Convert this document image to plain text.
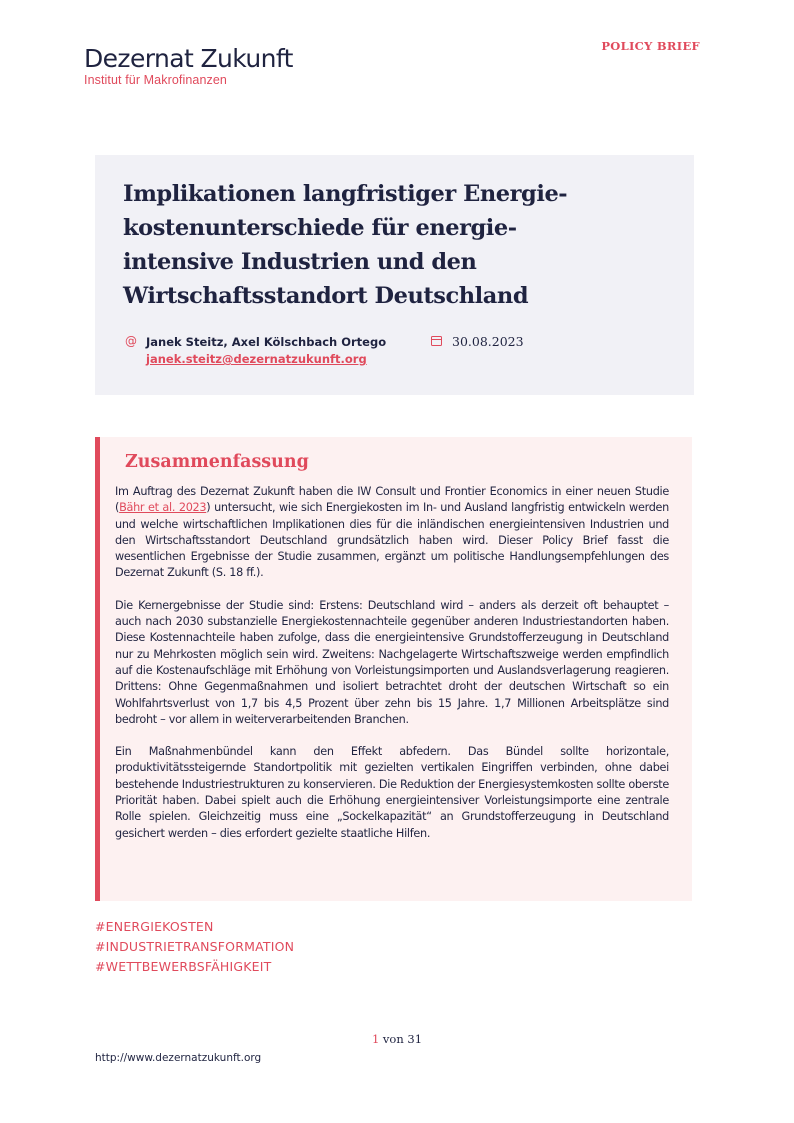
Dezernat Zukunft
Institut für Makrofinanzen
POLICY BRIEF
Implikationen langfristiger Energie-
kostenunterschiede für energie-
intensive Industrien und den
Wirtschaftsstandort Deutschland
@ Janek Steitz, Axel Kölschbach Ortego
janek.steitz@dezernatzukunft.org
30.08.2023
Zusammenfassung

Im Auftrag des Dezernat Zukunft haben die IW Consult und Frontier Economics in einer neuen Studie (Bähr et al. 2023) untersucht, wie sich Energiekosten im In- und Ausland langfristig entwickeln werden und welche wirtschaftlichen Implikationen dies für die inländischen energieintensiven Industrien und den Wirtschaftsstandort Deutschland grundsätzlich haben wird. Dieser Policy Brief fasst die wesentlichen Ergebnisse der Studie zusammen, ergänzt um politische Handlungsempfehlungen des Dezernat Zukunft (S. 18 ff.).

Die Kernergebnisse der Studie sind: Erstens: Deutschland wird – anders als derzeit oft behauptet – auch nach 2030 substanzielle Energiekostennachteile gegenüber anderen Industriestandorten haben. Diese Kostennachteile haben zufolge, dass die energieintensive Grundstofferzeugung in Deutschland nur zu Mehrkosten möglich sein wird. Zweitens: Nachgelagerte Wirtschaftszweige werden empfindlich auf die Kostenaufschläge mit Erhöhung von Vorleistungsimporten und Auslandsverlagerung reagieren. Drittens: Ohne Gegenmaßnahmen und isoliert betrachtet droht der deutschen Wirtschaft so ein Wohlfahrtsverlust von 1,7 bis 4,5 Prozent über zehn bis 15 Jahre. 1,7 Millionen Arbeitsplätze sind bedroht – vor allem in weiterverarbeitenden Branchen.

Ein Maßnahmenbündel kann den Effekt abfedern. Das Bündel sollte horizontale, produktivitätssteigernde Standortpolitik mit gezielten vertikalen Eingriffen verbinden, ohne dabei bestehende Industriestrukturen zu konservieren. Die Reduktion der Energiesystemkosten sollte oberste Priorität haben. Dabei spielt auch die Erhöhung energieintensiver Vorleistungsimporte eine zentrale Rolle spielen. Gleichzeitig muss eine „Sockelkapazität“ an Grundstofferzeugung in Deutschland gesichert werden – dies erfordert gezielte staatliche Hilfen.

#ENERGIEKOSTEN
#INDUSTRIETRANSFORMATION
#WETTBEWERBSFÄHIGKEIT
1 von 31
http://www.dezernatzukunft.org
